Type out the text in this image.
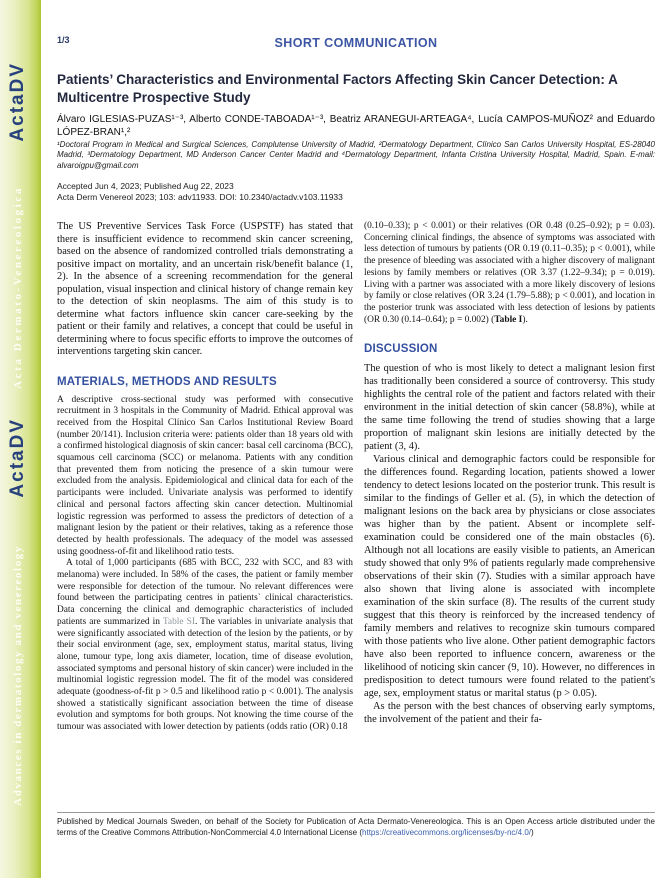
ActaDV
Acta Dermato-Venereologica
ActaDV
Advances in dermatology and venereology
1/3	SHORT COMMUNICATION
Patients’ Characteristics and Environmental Factors Affecting Skin Cancer Detection: A Multicentre Prospective Study
Álvaro IGLESIAS-PUZAS¹⁻³, Alberto CONDE-TABOADA¹⁻³, Beatriz ARANEGUI-ARTEAGA⁴, Lucía CAMPOS-MUÑOZ² and Eduardo LÓPEZ-BRAN¹,²
¹Doctoral Program in Medical and Surgical Sciences, Complutense University of Madrid, ²Dermatology Department, Clínico San Carlos University Hospital, ES-28040 Madrid, ³Dermatology Department, MD Anderson Cancer Center Madrid and ⁴Dermatology Department, Infanta Cristina University Hospital, Madrid, Spain. E-mail: alvaroigpu@gmail.com
Accepted Jun 4, 2023; Published Aug 22, 2023
Acta Derm Venereol 2023; 103: adv11933. DOI: 10.2340/actadv.v103.11933

The US Preventive Services Task Force (USPSTF) has stated that there is insufficient evidence to recommend skin cancer screening, based on the absence of randomized controlled trials demonstrating a positive impact on mortality, and an uncertain risk/benefit balance (1, 2). In the absence of a screening recommendation for the general population, visual inspection and clinical history of change remain key to the detection of skin neoplasms. The aim of this study is to determine what factors influence skin cancer care-seeking by the patient or their family and relatives, a concept that could be useful in determining where to focus specific efforts to improve the outcomes of interventions targeting skin cancer.

MATERIALS, METHODS AND RESULTS

A descriptive cross-sectional study was performed with consecutive recruitment in 3 hospitals in the Community of Madrid. Ethical approval was received from the Hospital Clínico San Carlos Institutional Review Board (number 20/141). Inclusion criteria were: patients older than 18 years old with a confirmed histological diagnosis of skin cancer: basal cell carcinoma (BCC), squamous cell carcinoma (SCC) or melanoma. Patients with any condition that prevented them from noticing the presence of a skin tumour were excluded from the analysis. Epidemiological and clinical data for each of the participants were included. Univariate analysis was performed to identify clinical and personal factors affecting skin cancer detection. Multinomial logistic regression was performed to assess the predictors of detection of a malignant lesion by the patient or their relatives, taking as a reference those detected by health professionals. The adequacy of the model was assessed using goodness-of-fit and likelihood ratio tests.

A total of 1,000 participants (685 with BCC, 232 with SCC, and 83 with melanoma) were included. In 58% of the cases, the patient or family member were responsible for detection of the tumour. No relevant differences were found between the participating centres in patients` clinical characteristics. Data concerning the clinical and demographic characteristics of included patients are summarized in Table SI. The variables in univariate analysis that were significantly associated with detection of the lesion by the patients, or by their social environment (age, sex, employment status, marital status, living alone, tumour type, long axis diameter, location, time of disease evolution, associated symptoms and personal history of skin cancer) were included in the multinomial logistic regression model. The fit of the model was considered adequate (goodness-of-fit p > 0.5 and likelihood ratio p < 0.001). The analysis showed a statistically significant association between the time of disease evolution and symptoms for both groups. Not knowing the time course of the tumour was associated with lower detection by patients (odds ratio (OR) 0.18

(0.10–0.33); p < 0.001) or their relatives (OR 0.48 (0.25–0.92); p = 0.03). Concerning clinical findings, the absence of symptoms was associated with less detection of tumours by patients (OR 0.19 (0.11–0.35); p < 0.001), while the presence of bleeding was associated with a higher discovery of malignant lesions by family members or relatives (OR 3.37 (1.22–9.34); p = 0.019). Living with a partner was associated with a more likely discovery of lesions by family or close relatives (OR 3.24 (1.79–5.88); p < 0.001), and location in the posterior trunk was associated with less detection of lesions by patients (OR 0.30 (0.14–0.64); p = 0.002) (Table I).

DISCUSSION

The question of who is most likely to detect a malignant lesion first has traditionally been considered a source of controversy. This study highlights the central role of the patient and factors related with their environment in the initial detection of skin cancer (58.8%), while at the same time following the trend of studies showing that a large proportion of malignant skin lesions are initially detected by the patient (3, 4).

Various clinical and demographic factors could be responsible for the differences found. Regarding location, patients showed a lower tendency to detect lesions located on the posterior trunk. This result is similar to the findings of Geller et al. (5), in which the detection of malignant lesions on the back area by physicians or close associates was higher than by the patient. Absent or incomplete self-examination could be considered one of the main obstacles (6). Although not all locations are easily visible to patients, an American study showed that only 9% of patients regularly made comprehensive observations of their skin (7). Studies with a similar approach have also shown that living alone is associated with incomplete examination of the skin surface (8). The results of the current study suggest that this theory is reinforced by the increased tendency of family members and relatives to recognize skin tumours compared with those patients who live alone. Other patient demographic factors have also been reported to influence concern, awareness or the likelihood of noticing skin cancer (9, 10). However, no differences in predisposition to detect tumours were found related to the patient's age, sex, employment status or marital status (p > 0.05).

As the person with the best chances of observing early symptoms, the involvement of the patient and their fa-

Published by Medical Journals Sweden, on behalf of the Society for Publication of Acta Dermato-Venereologica. This is an Open Access article distributed under the terms of the Creative Commons Attribution-NonCommercial 4.0 International License (https://creativecommons.org/licenses/by-nc/4.0/)
